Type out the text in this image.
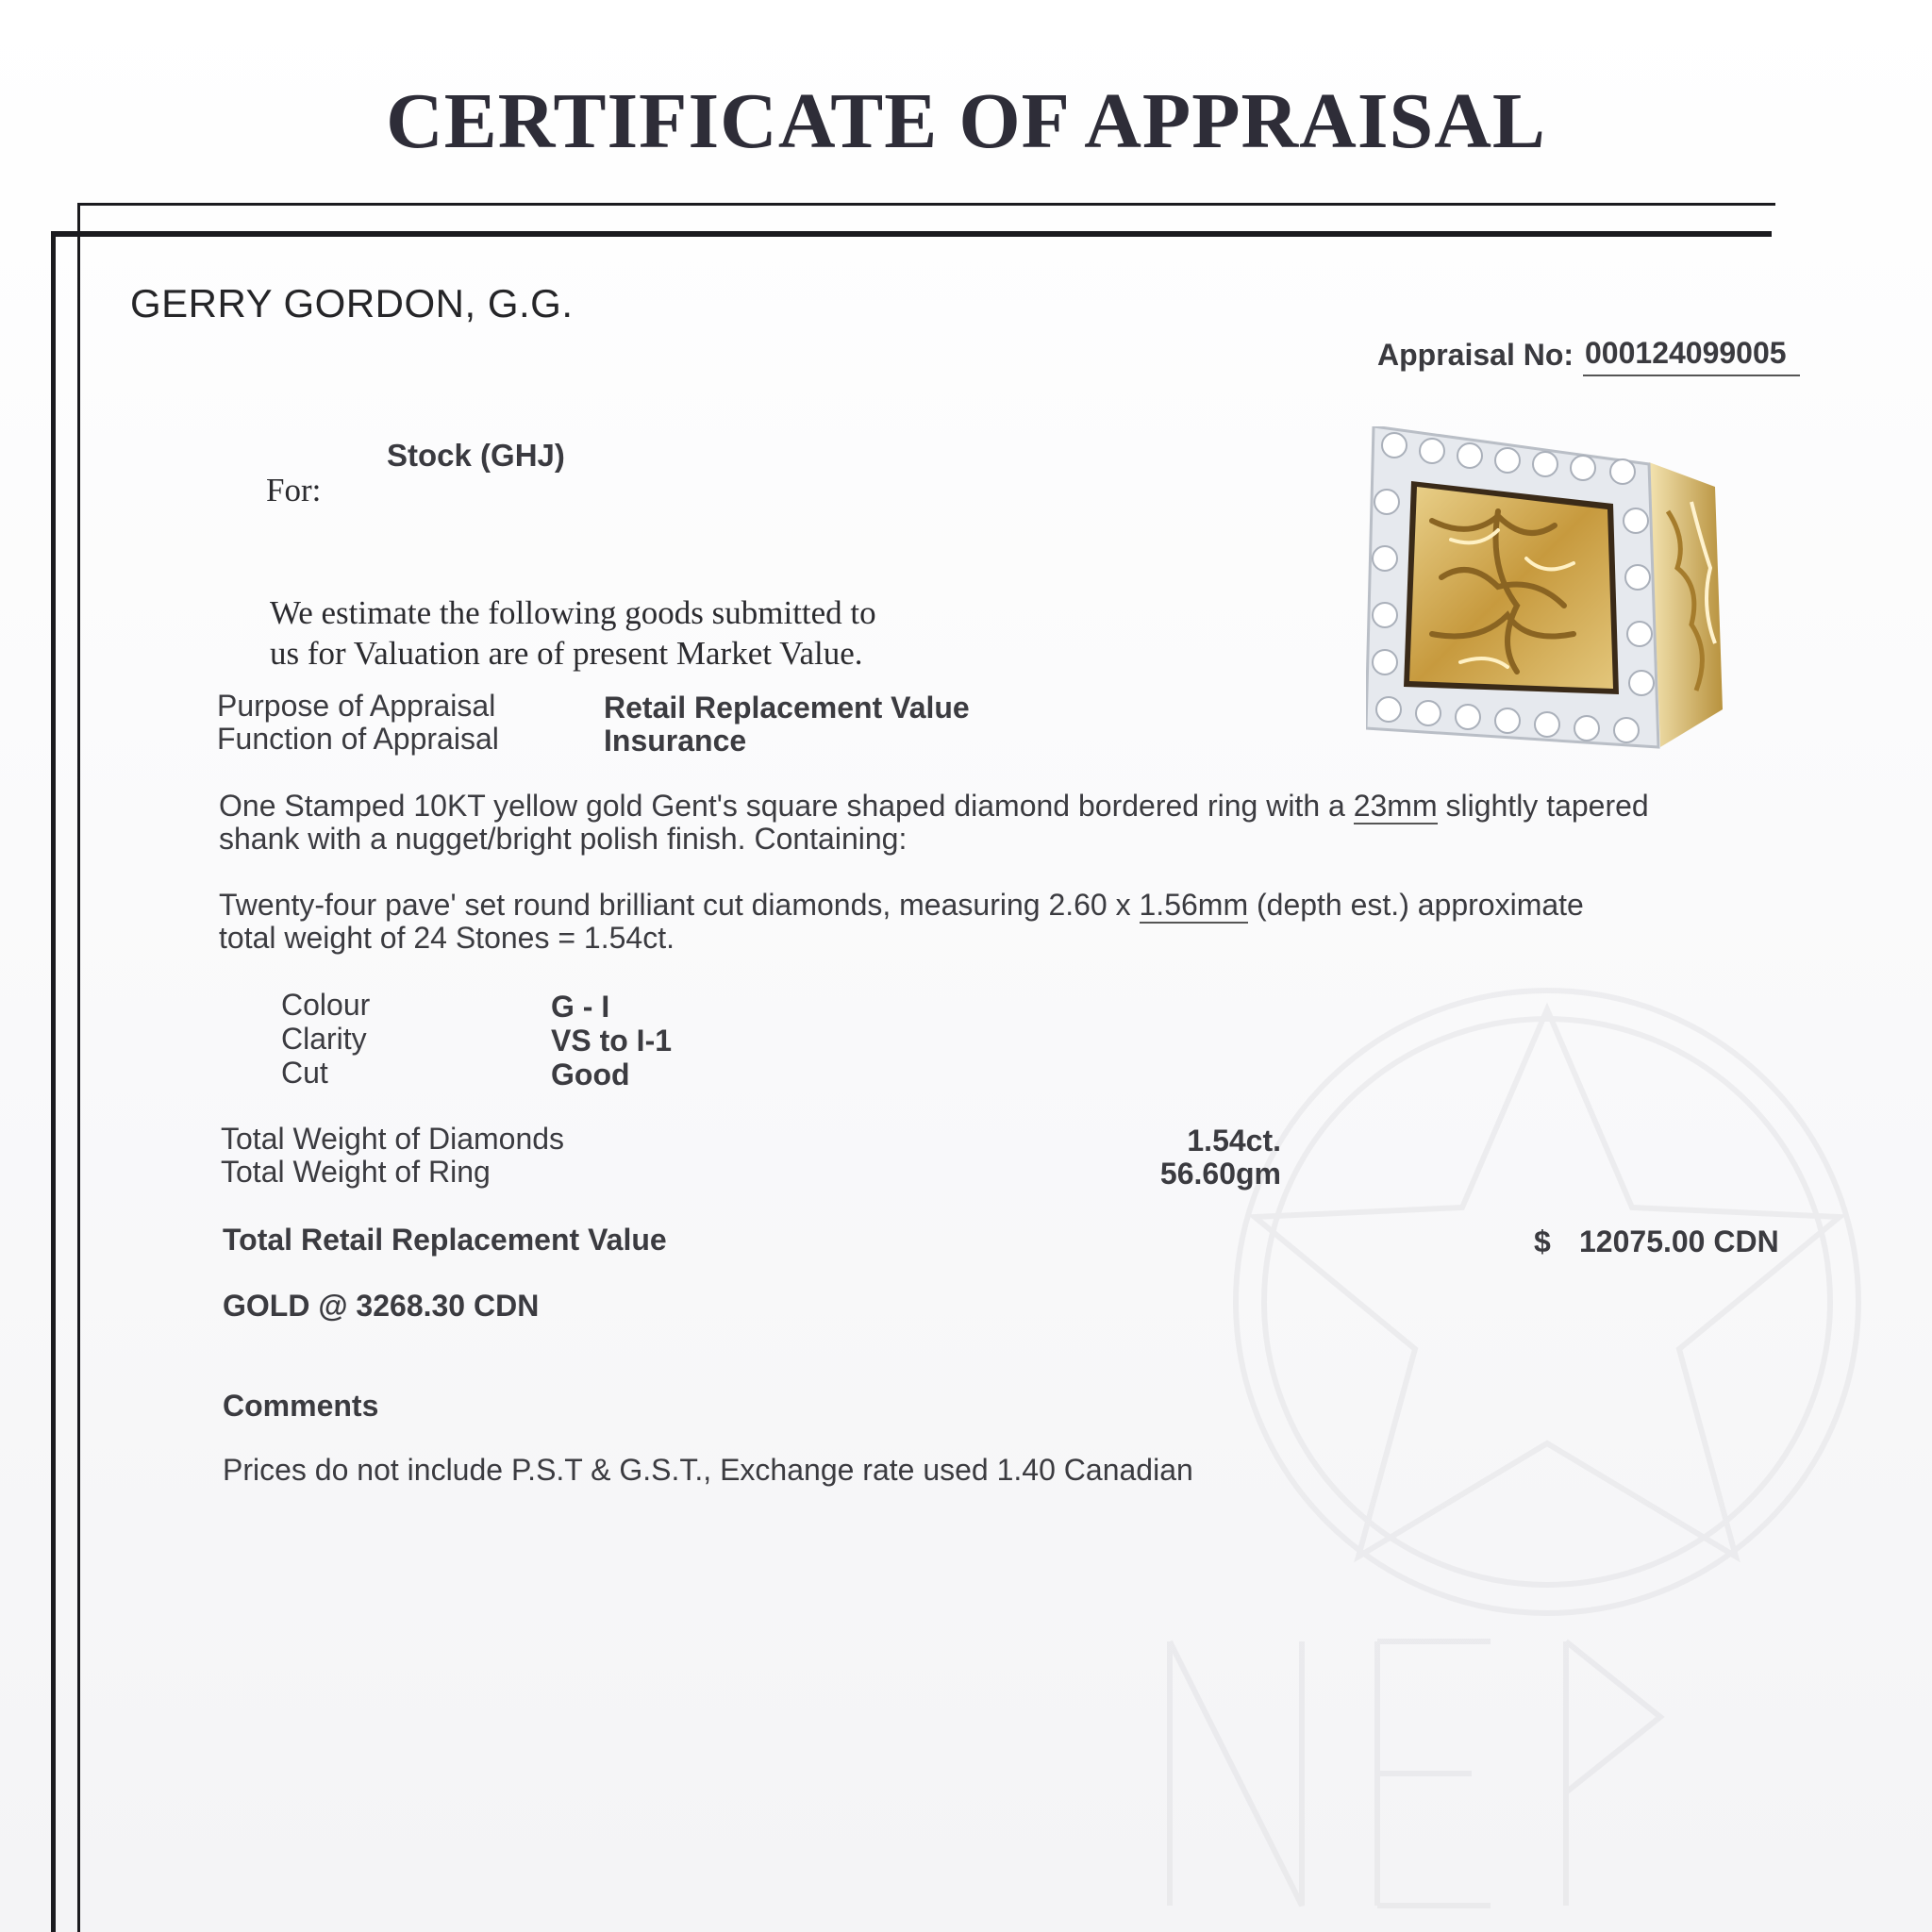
CERTIFICATE OF APPRAISAL
GERRY GORDON, G.G.
Appraisal No: 000124099005
Stock (GHJ)
For:
We estimate the following goods submitted to
us for Valuation are of present Market Value.
Purpose of Appraisal	Retail Replacement Value
Function of Appraisal	Insurance
One Stamped 10KT yellow gold Gent's square shaped diamond bordered ring with a 23mm slightly tapered
shank with a nugget/bright polish finish. Containing:
Twenty-four pave' set round brilliant cut diamonds, measuring 2.60 x 1.56mm (depth est.) approximate
total weight of 24 Stones = 1.54ct.
Colour	G - I
Clarity	VS to I-1
Cut	Good
Total Weight of Diamonds	1.54ct.
Total Weight of Ring	56.60gm
Total Retail Replacement Value	$ 12075.00 CDN
GOLD @ 3268.30 CDN
Comments
Prices do not include P.S.T & G.S.T., Exchange rate used 1.40 Canadian
